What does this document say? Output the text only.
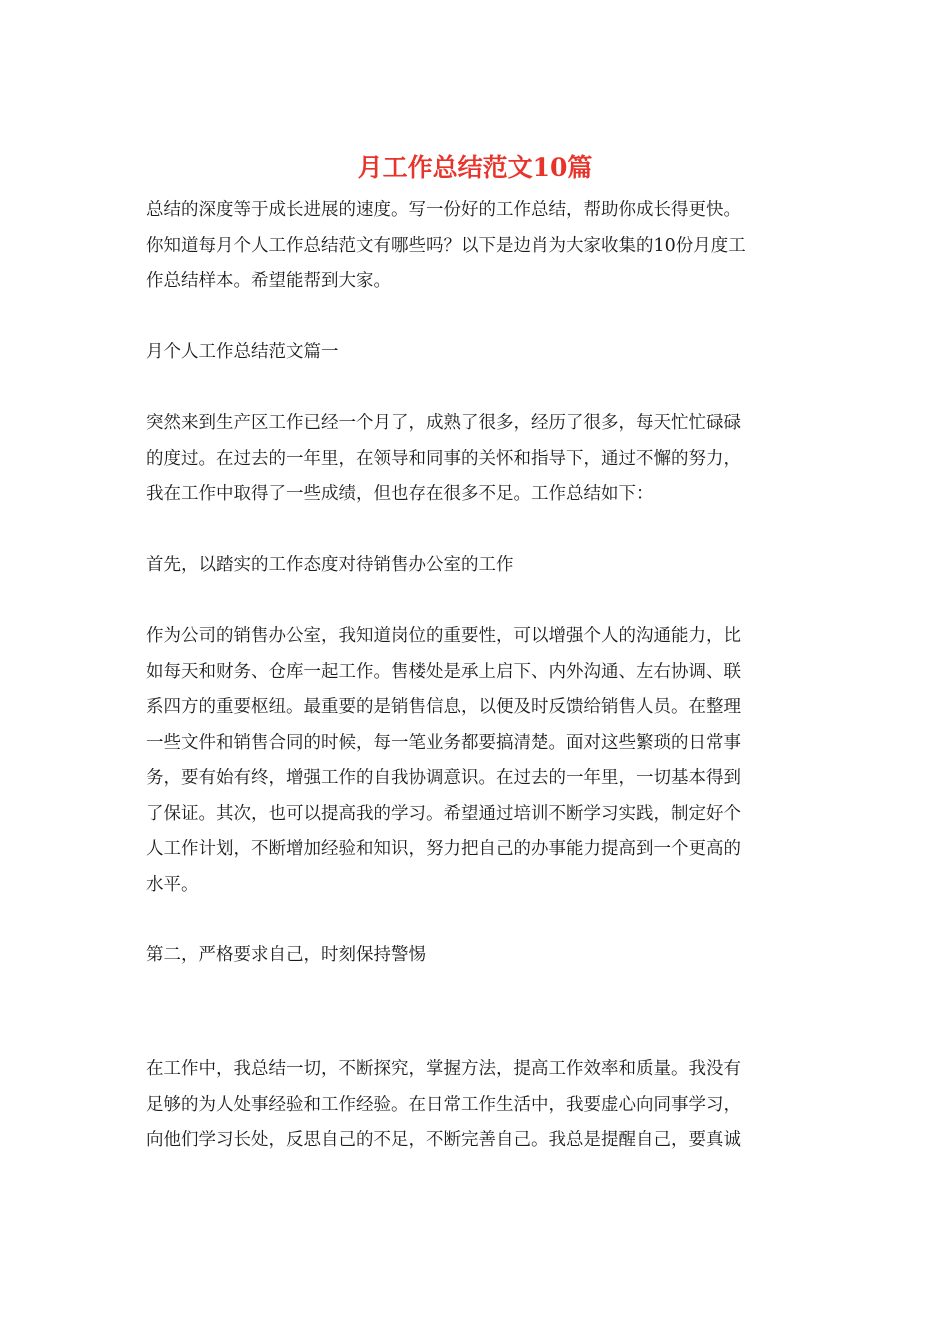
月工作总结范文10篇
总结的深度等于成长进展的速度。写一份好的工作总结，帮助你成长得更快。
你知道每月个人工作总结范文有哪些吗？以下是边肖为大家收集的10份月度工
作总结样本。希望能帮到大家。
月个人工作总结范文篇一
突然来到生产区工作已经一个月了，成熟了很多，经历了很多，每天忙忙碌碌
的度过。在过去的一年里，在领导和同事的关怀和指导下，通过不懈的努力，
我在工作中取得了一些成绩，但也存在很多不足。工作总结如下：
首先，以踏实的工作态度对待销售办公室的工作
作为公司的销售办公室，我知道岗位的重要性，可以增强个人的沟通能力，比
如每天和财务、仓库一起工作。售楼处是承上启下、内外沟通、左右协调、联
系四方的重要枢纽。最重要的是销售信息，以便及时反馈给销售人员。在整理
一些文件和销售合同的时候，每一笔业务都要搞清楚。面对这些繁琐的日常事
务，要有始有终，增强工作的自我协调意识。在过去的一年里，一切基本得到
了保证。其次，也可以提高我的学习。希望通过培训不断学习实践，制定好个
人工作计划，不断增加经验和知识，努力把自己的办事能力提高到一个更高的
水平。
第二，严格要求自己，时刻保持警惕
在工作中，我总结一切，不断探究，掌握方法，提高工作效率和质量。我没有
足够的为人处事经验和工作经验。在日常工作生活中，我要虚心向同事学习，
向他们学习长处，反思自己的不足，不断完善自己。我总是提醒自己，要真诚
